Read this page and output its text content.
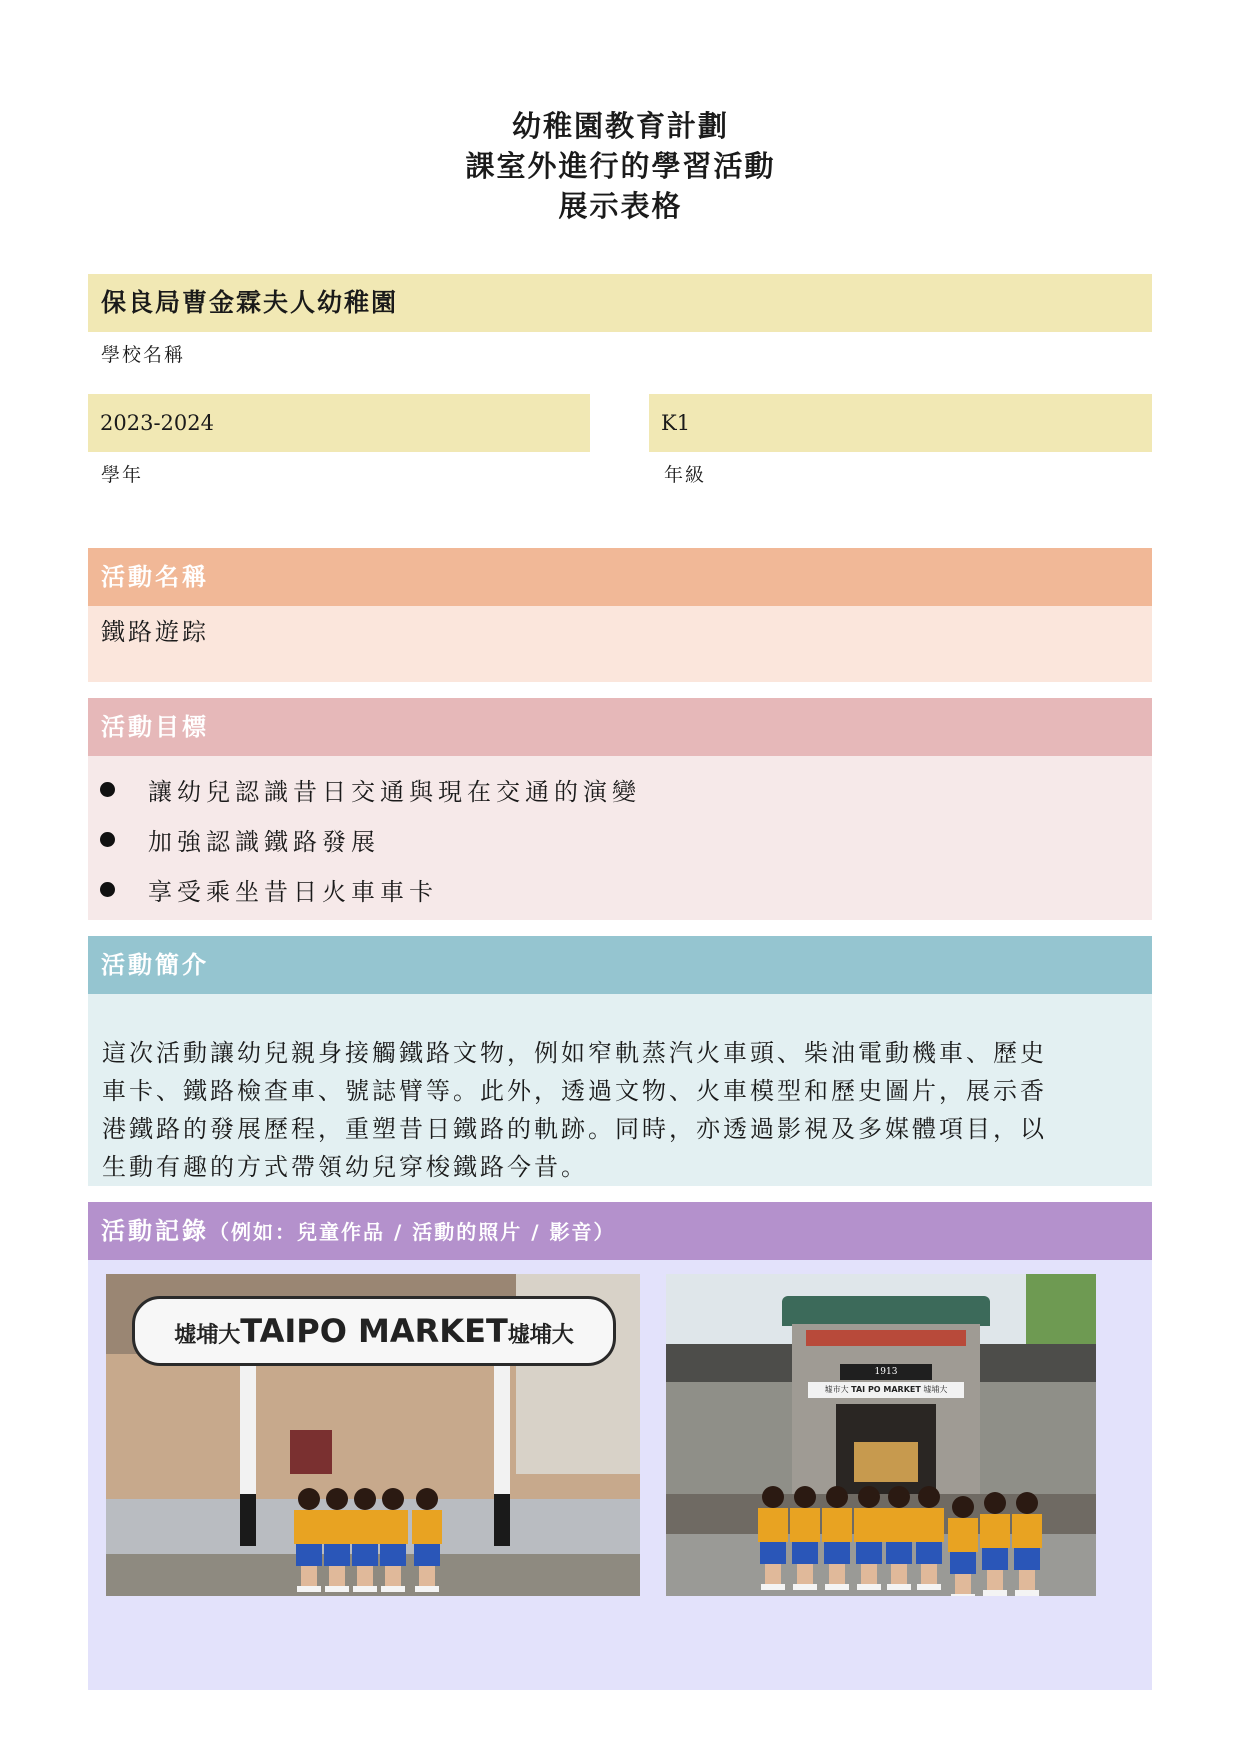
幼稚園教育計劃
課室外進行的學習活動
展示表格
保良局曹金霖夫人幼稚園
學校名稱
2023-2024
學年
K1
年級
活動名稱
鐵路遊踪
活動目標
讓幼兒認識昔日交通與現在交通的演變
加強認識鐵路發展
享受乘坐昔日火車車卡
活動簡介
這次活動讓幼兒親身接觸鐵路文物，例如窄軌蒸汽火車頭、柴油電動機車、歷史
車卡、鐵路檢查車、號誌臂等。此外，透過文物、火車模型和歷史圖片，展示香
港鐵路的發展歷程，重塑昔日鐵路的軌跡。同時，亦透過影視及多媒體項目，以
生動有趣的方式帶領幼兒穿梭鐵路今昔。
活動記錄（例如：兒童作品 / 活動的照片 / 影音）
墟埔大TAIPO MARKET墟埔大
1913
墟市大 TAI PO MARKET 墟埔大
